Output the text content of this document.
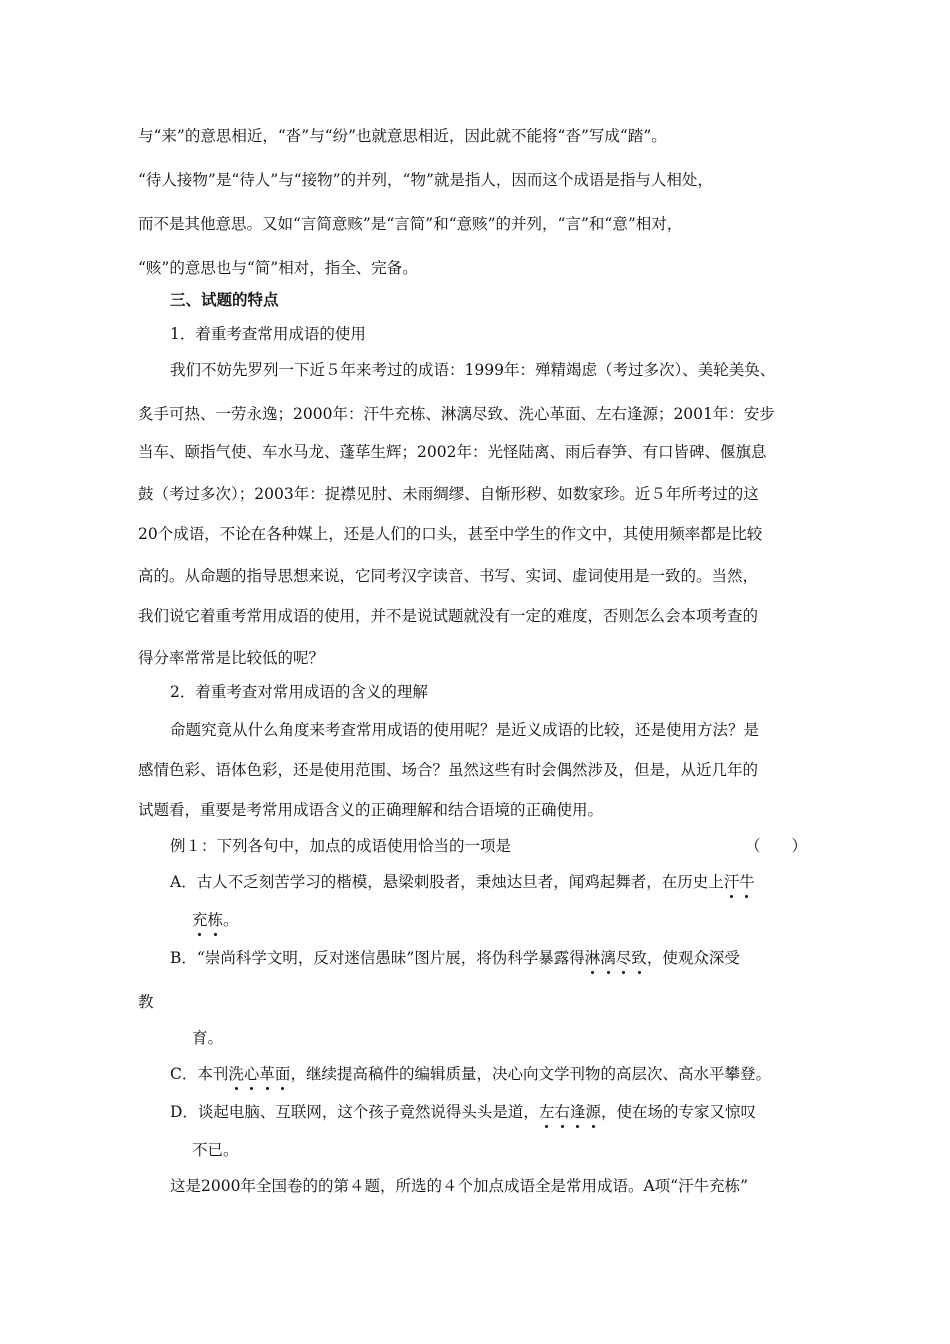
与“来”的意思相近，“沓”与“纷”也就意思相近，因此就不能将“沓”写成“踏”。
“待人接物”是“待人”与“接物”的并列，“物”就是指人，因而这个成语是指与人相处，
而不是其他意思。又如“言简意赅”是“言简”和“意赅”的并列，“言”和“意”相对，
“赅”的意思也与“简”相对，指全、完备。
三、试题的特点
1．着重考查常用成语的使用
我们不妨先罗列一下近５年来考过的成语：1999年：殚精竭虑（考过多次）、美轮美奂、
炙手可热、一劳永逸；2000年：汗牛充栋、淋漓尽致、洗心革面、左右逢源；2001年：安步
当车、颐指气使、车水马龙、蓬荜生辉；2002年：光怪陆离、雨后春笋、有口皆碑、偃旗息
鼓（考过多次）；2003年：捉襟见肘、未雨绸缪、自惭形秽、如数家珍。近５年所考过的这
20个成语，不论在各种媒上，还是人们的口头，甚至中学生的作文中，其使用频率都是比较
高的。从命题的指导思想来说，它同考汉字读音、书写、实词、虚词使用是一致的。当然，
我们说它着重考常用成语的使用，并不是说试题就没有一定的难度，否则怎么会本项考查的
得分率常常是比较低的呢？
2．着重考查对常用成语的含义的理解
命题究竟从什么角度来考查常用成语的使用呢？是近义成语的比较，还是使用方法？是
感情色彩、语体色彩，还是使用范围、场合？虽然这些有时会偶然涉及，但是，从近几年的
试题看，重要是考常用成语含义的正确理解和结合语境的正确使用。
例１：下列各句中，加点的成语使用恰当的一项是	（　　）
A．古人不乏刻苦学习的楷模，悬梁刺股者，秉烛达旦者，闻鸡起舞者，在历史上汗牛
充栋。
B．“崇尚科学文明，反对迷信愚昧”图片展，将伪科学暴露得淋漓尽致，使观众深受
教
育。
C．本刊洗心革面，继续提高稿件的编辑质量，决心向文学刊物的高层次、高水平攀登。
D．谈起电脑、互联网，这个孩子竟然说得头头是道，左右逢源，使在场的专家又惊叹
不已。
这是2000年全国卷的的第４题，所选的４个加点成语全是常用成语。A项“汗牛充栋”
